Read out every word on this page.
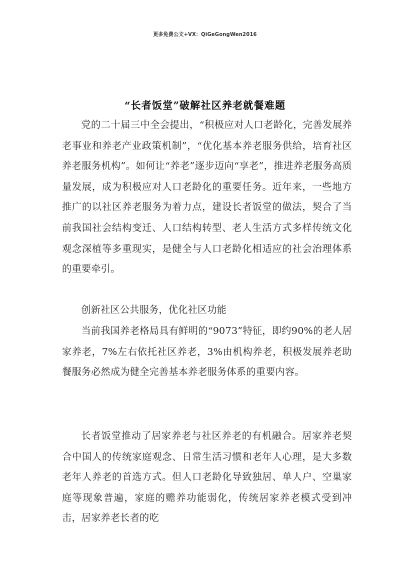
更多免费公文+VX：QiGeGongWen2016
“长者饭堂”破解社区养老就餐难题

党的二十届三中全会提出，“积极应对人口老龄化，完善发展养老事业和养老产业政策机制”，“优化基本养老服务供给，培育社区养老服务机构”。如何让“养老”逐步迈向“享老”，推进养老服务高质量发展，成为积极应对人口老龄化的重要任务。近年来，一些地方推广的以社区养老服务为着力点，建设长者饭堂的做法，契合了当前我国社会结构变迁、人口结构转型、老人生活方式多样传统文化观念深植等多重现实，是健全与人口老龄化相适应的社会治理体系的重要牵引。

创新社区公共服务，优化社区功能

当前我国养老格局具有鲜明的“9073”特征，即约90%的老人居家养老，7%左右依托社区养老，3%由机构养老，积极发展养老助餐服务必然成为健全完善基本养老服务体系的重要内容。

长者饭堂推动了居家养老与社区养老的有机融合。居家养老契合中国人的传统家庭观念、日常生活习惯和老年人心理，是大多数老年人养老的首选方式。但人口老龄化导致独居、单人户、空巢家庭等现象普遍，家庭的赡养功能弱化，传统居家养老模式受到冲击，居家养老长者的吃
